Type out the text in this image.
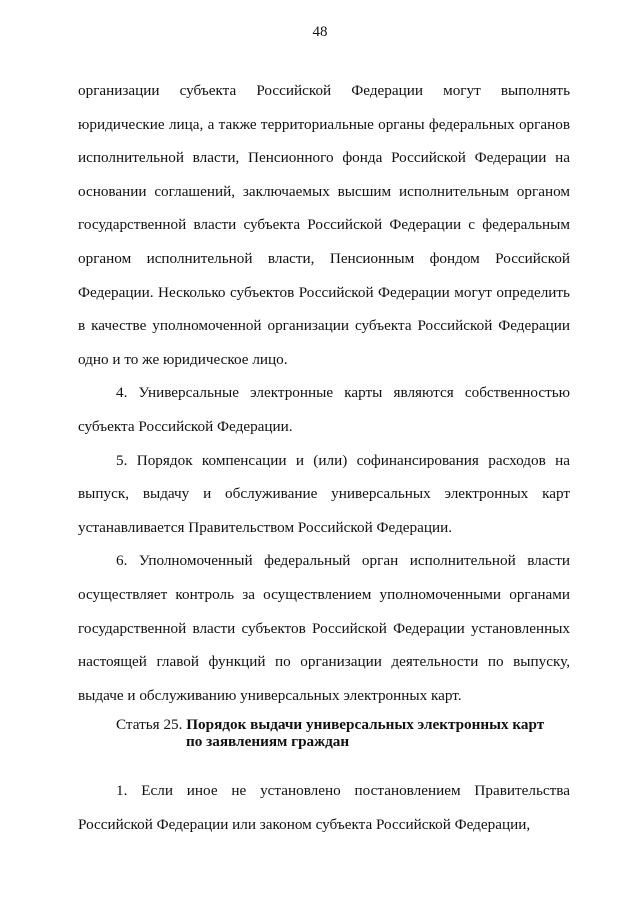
48

организации субъекта Российской Федерации могут выполнять юридические лица, а также территориальные органы федеральных органов исполнительной власти, Пенсионного фонда Российской Федерации на основании соглашений, заключаемых высшим исполнительным органом государственной власти субъекта Российской Федерации с федеральным органом исполнительной власти, Пенсионным фондом Российской Федерации. Несколько субъектов Российской Федерации могут определить в качестве уполномоченной организации субъекта Российской Федерации одно и то же юридическое лицо.

4. Универсальные электронные карты являются собственностью субъекта Российской Федерации.

5. Порядок компенсации и (или) софинансирования расходов на выпуск, выдачу и обслуживание универсальных электронных карт устанавливается Правительством Российской Федерации.

6. Уполномоченный федеральный орган исполнительной власти осуществляет контроль за осуществлением уполномоченными органами государственной власти субъектов Российской Федерации установленных настоящей главой функций по организации деятельности по выпуску, выдаче и обслуживанию универсальных электронных карт.

Статья 25. Порядок выдачи универсальных электронных карт
по заявлениям граждан

1. Если иное не установлено постановлением Правительства Российской Федерации или законом субъекта Российской Федерации,
